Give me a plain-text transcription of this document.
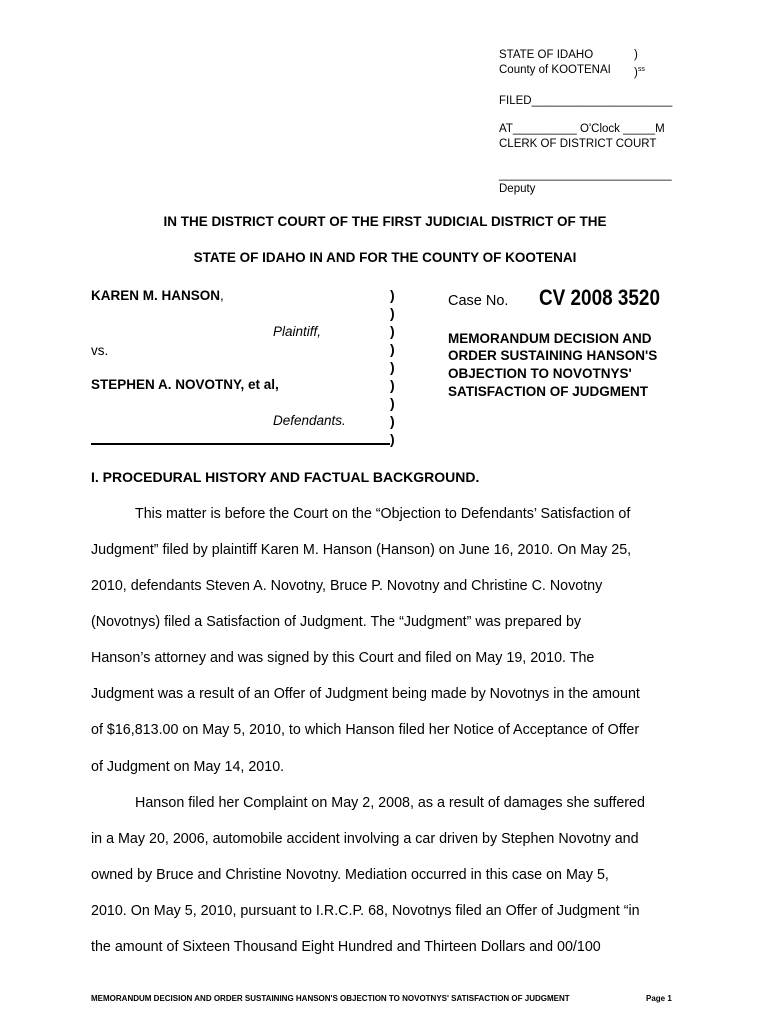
STATE OF IDAHO	)
County of KOOTENAI )$^{ss}$
FILED______________________
AT__________ O'Clock _____M
CLERK OF DISTRICT COURT
___________________________
Deputy
IN THE DISTRICT COURT OF THE FIRST JUDICIAL DISTRICT OF THE
STATE OF IDAHO IN AND FOR THE COUNTY OF KOOTENAI
KAREN M. HANSON,
Plaintiff,
vs.
STEPHEN A. NOVOTNY, et al,
Defendants.
)
)
)
)
)
)
)
)
)
Case No. CV 2008 3520
MEMORANDUM DECISION AND
ORDER SUSTAINING HANSON'S
OBJECTION TO NOVOTNYS'
SATISFACTION OF JUDGMENT
I. PROCEDURAL HISTORY AND FACTUAL BACKGROUND.
This matter is before the Court on the “Objection to Defendants’ Satisfaction of
Judgment” filed by plaintiff Karen M. Hanson (Hanson) on June 16, 2010. On May 25,
2010, defendants Steven A. Novotny, Bruce P. Novotny and Christine C. Novotny
(Novotnys) filed a Satisfaction of Judgment. The “Judgment” was prepared by
Hanson’s attorney and was signed by this Court and filed on May 19, 2010. The
Judgment was a result of an Offer of Judgment being made by Novotnys in the amount
of $16,813.00 on May 5, 2010, to which Hanson filed her Notice of Acceptance of Offer
of Judgment on May 14, 2010.
Hanson filed her Complaint on May 2, 2008, as a result of damages she suffered
in a May 20, 2006, automobile accident involving a car driven by Stephen Novotny and
owned by Bruce and Christine Novotny. Mediation occurred in this case on May 5,
2010. On May 5, 2010, pursuant to I.R.C.P. 68, Novotnys filed an Offer of Judgment “in
the amount of Sixteen Thousand Eight Hundred and Thirteen Dollars and 00/100
MEMORANDUM DECISION AND ORDER SUSTAINING HANSON'S OBJECTION TO NOVOTNYS' SATISFACTION OF JUDGMENT	Page 1
